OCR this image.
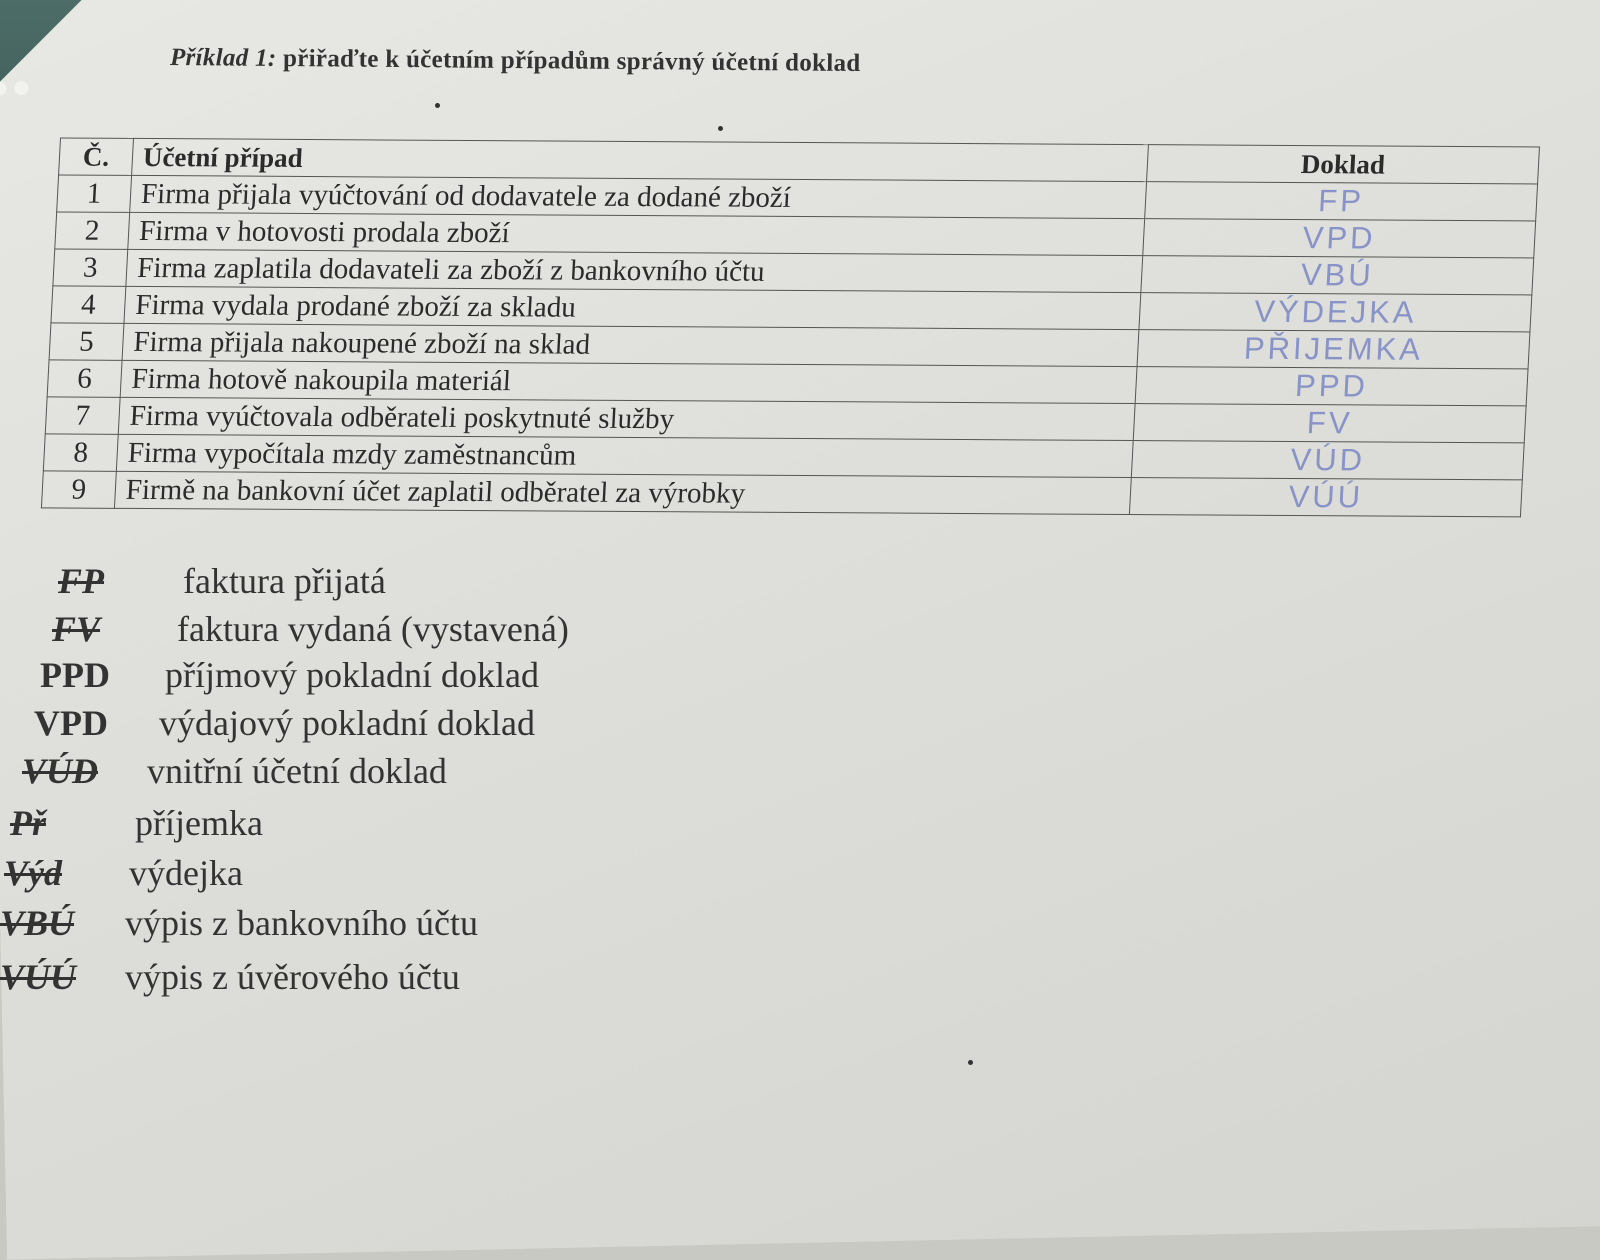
Příklad 1: přiřaďte k účetním případům správný účetní doklad
Č.	Účetní případ	Doklad
1	Firma přijala vyúčtování od dodavatele za dodané zboží	FP
2	Firma v hotovosti prodala zboží	VPD
3	Firma zaplatila dodavateli za zboží z bankovního účtu	VBÚ
4	Firma vydala prodané zboží za skladu	VÝDEJKA
5	Firma přijala nakoupené zboží na sklad	PŘIJEMKA
6	Firma hotově nakoupila materiál	PPD
7	Firma vyúčtovala odběrateli poskytnuté služby	FV
8	Firma vypočítala mzdy zaměstnancům	VÚD
9	Firmě na bankovní účet zaplatil odběratel za výrobky	VÚÚ
FP faktura přijatá
FV faktura vydaná (vystavená)
PPD příjmový pokladní doklad
VPD výdajový pokladní doklad
VÚD vnitřní účetní doklad
Př příjemka
Výd výdejka
VBÚ výpis z bankovního účtu
VÚÚ výpis z úvěrového účtu
